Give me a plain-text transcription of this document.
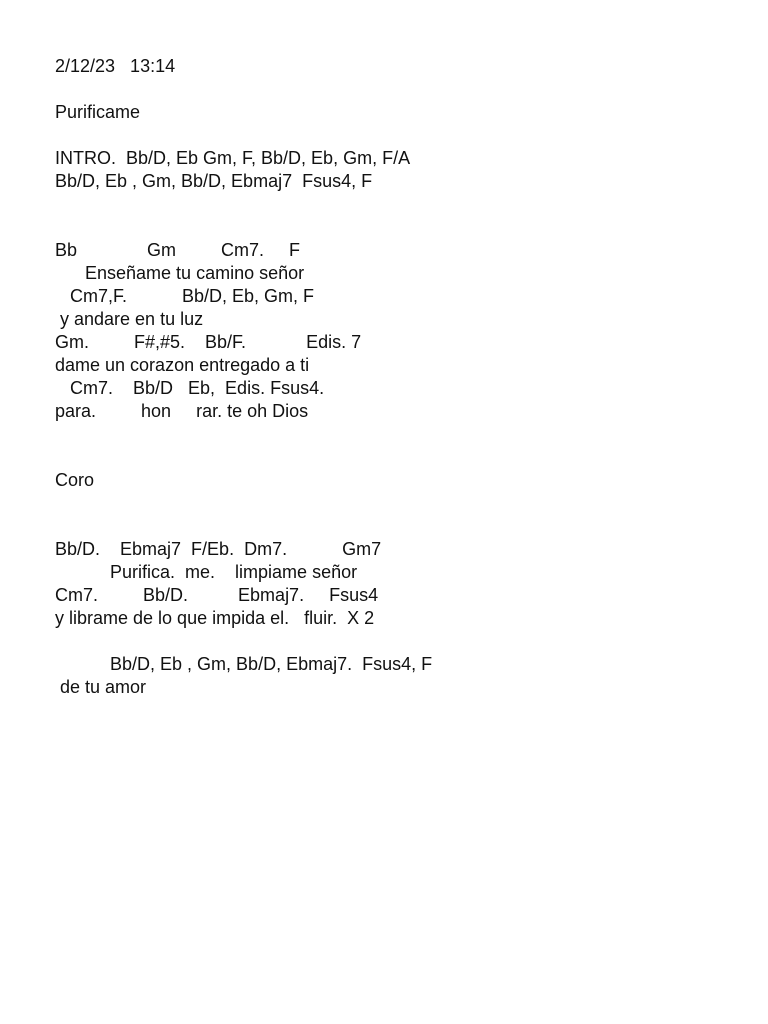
2/12/23   13:14
Purificame
INTRO.  Bb/D, Eb Gm, F, Bb/D, Eb, Gm, F/A
Bb/D, Eb , Gm, Bb/D, Ebmaj7  Fsus4, F
Bb              Gm         Cm7.     F
Enseñame tu camino señor
Cm7,F.           Bb/D, Eb, Gm, F
y andare en tu luz
Gm.         F#,#5.    Bb/F.            Edis. 7
dame un corazon entregado a ti
Cm7.    Bb/D   Eb,  Edis. Fsus4.
para.         hon     rar. te oh Dios
Coro
Bb/D.    Ebmaj7  F/Eb.  Dm7.           Gm7
Purifica.  me.    limpiame señor
Cm7.         Bb/D.          Ebmaj7.     Fsus4
y librame de lo que impida el.   fluir.  X 2
Bb/D, Eb , Gm, Bb/D, Ebmaj7.  Fsus4, F
de tu amor
